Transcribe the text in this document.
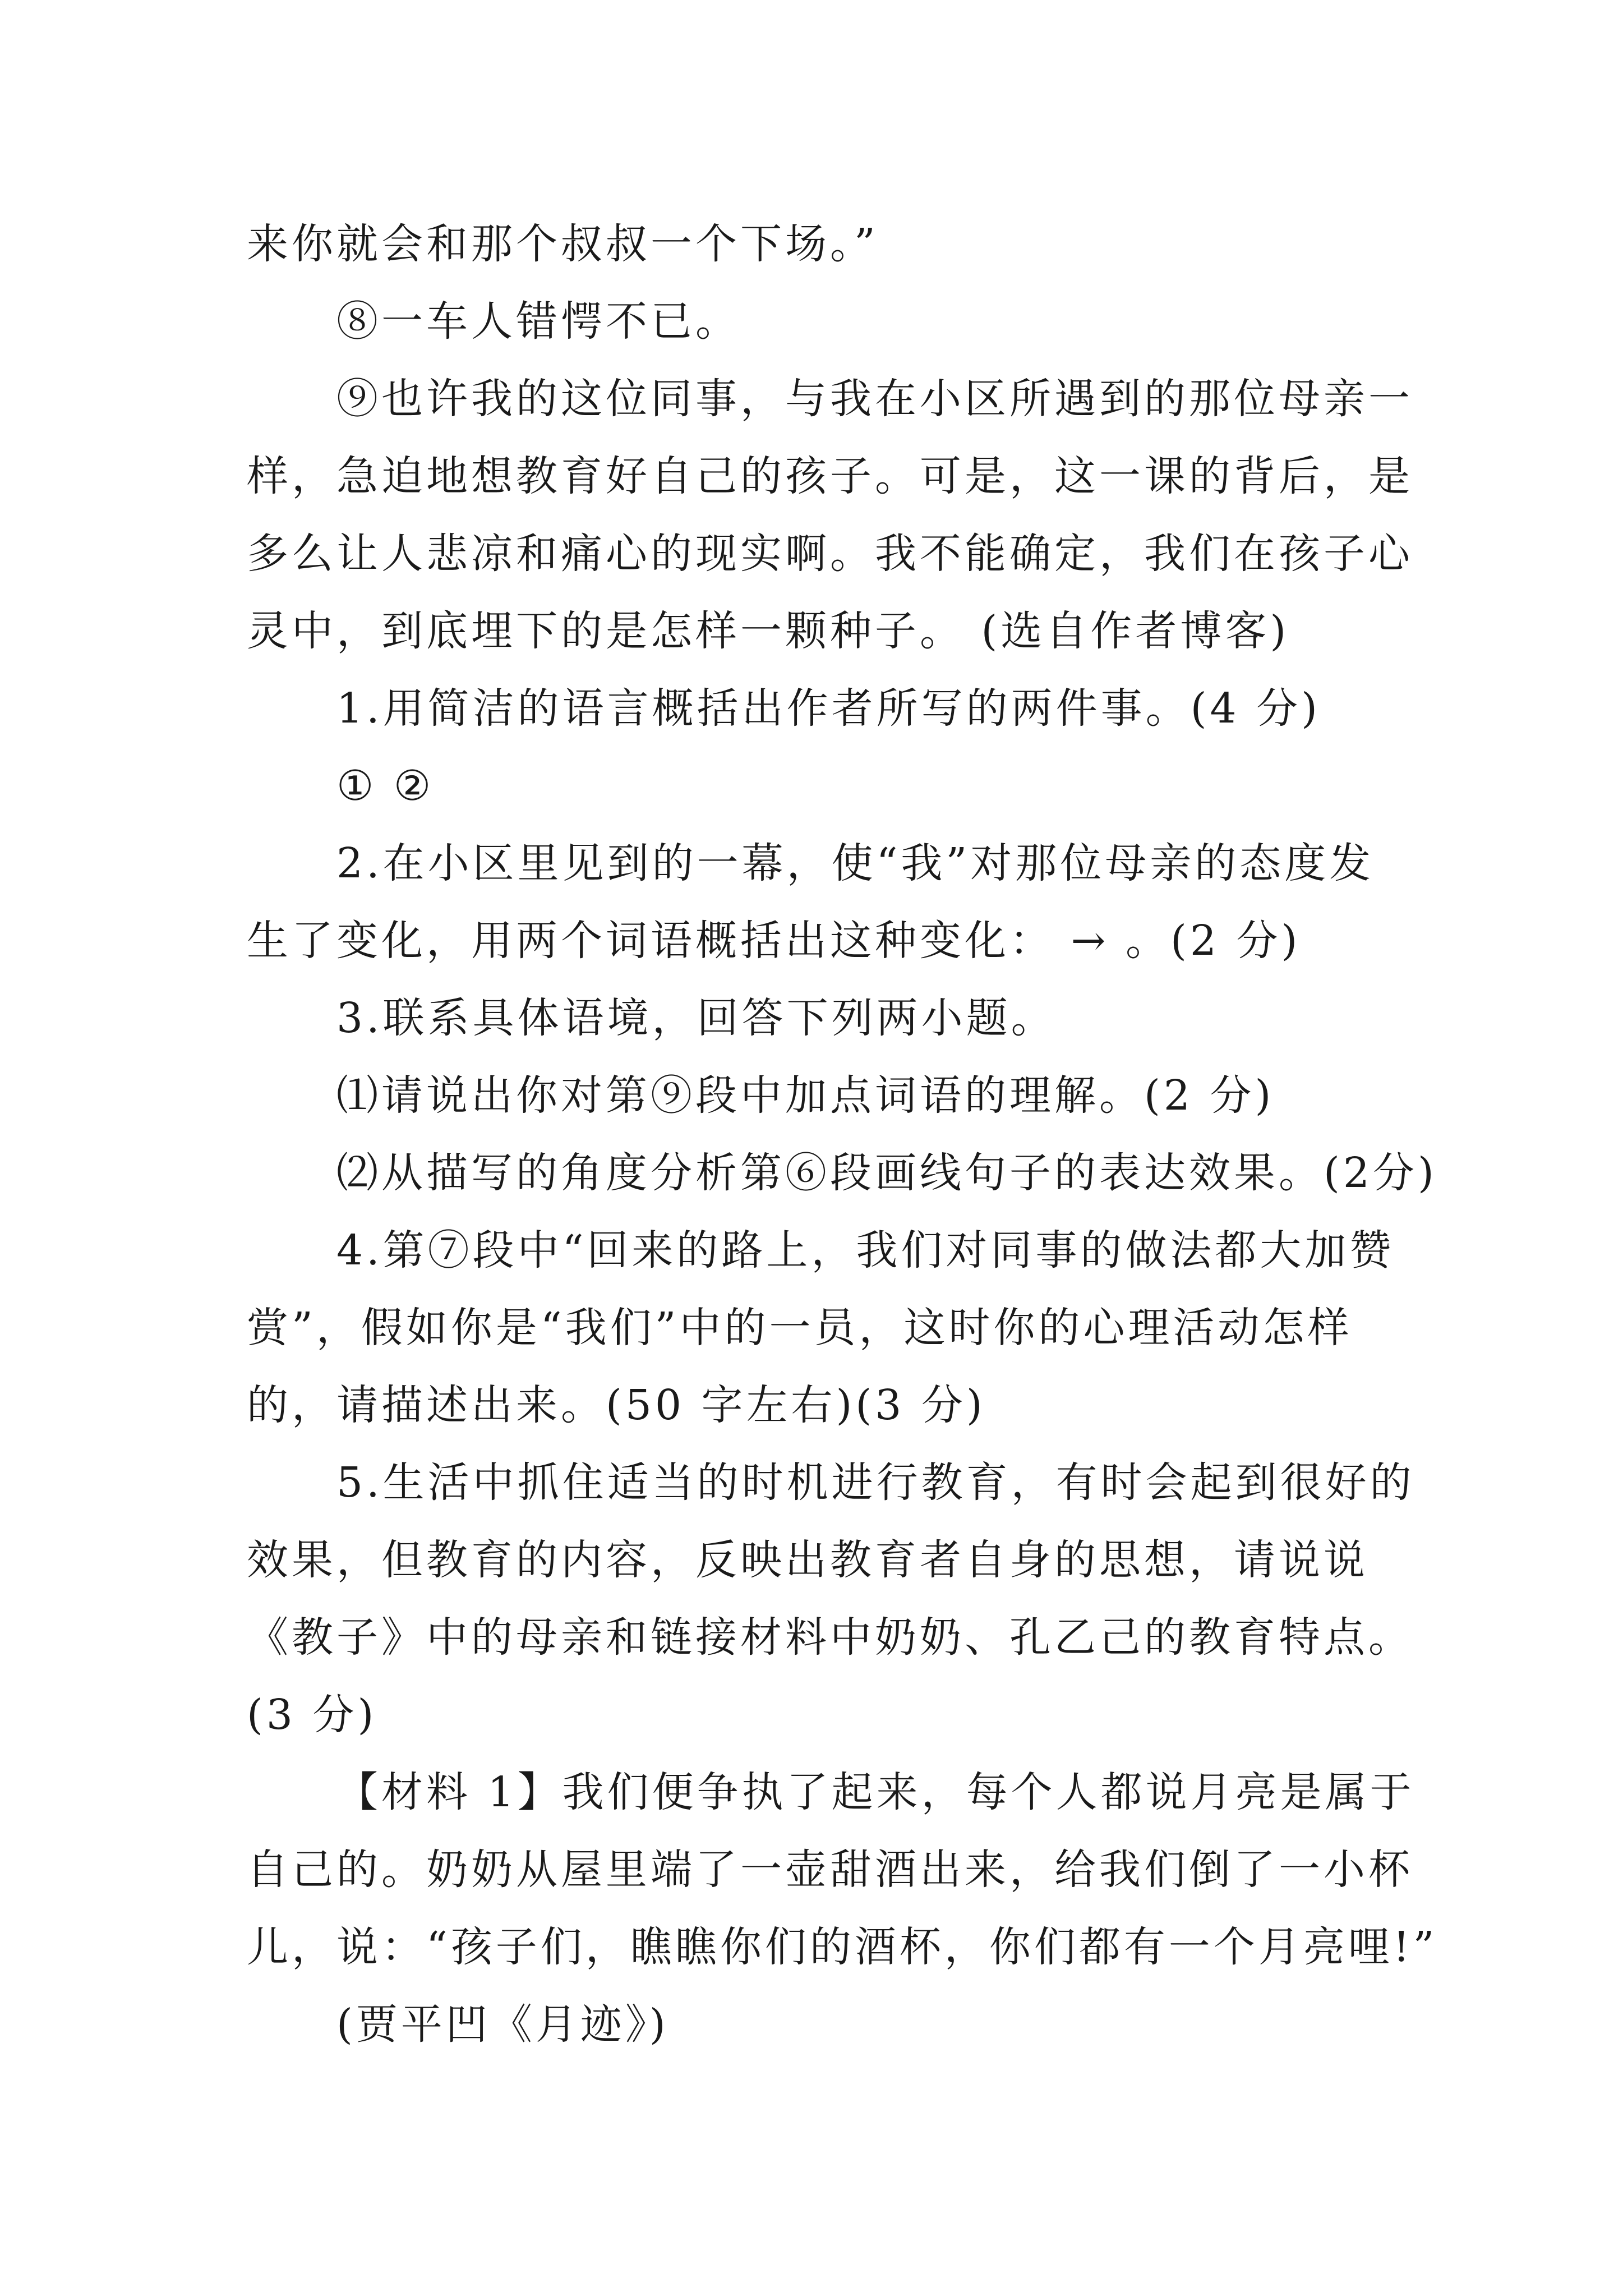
来你就会和那个叔叔一个下场。”
⑧一车人错愕不已。
⑨也许我的这位同事，与我在小区所遇到的那位母亲一
样，急迫地想教育好自己的孩子。可是，这一课的背后，是
多么让人悲凉和痛心的现实啊。我不能确定，我们在孩子心
灵中，到底埋下的是怎样一颗种子。 (选自作者博客)
1.用简洁的语言概括出作者所写的两件事。(4 分)
① ②
2.在小区里见到的一幕，使“我”对那位母亲的态度发
生了变化，用两个词语概括出这种变化： → 。(2 分)
3.联系具体语境，回答下列两小题。
⑴请说出你对第⑨段中加点词语的理解。(2 分)
⑵从描写的角度分析第⑥段画线句子的表达效果。(2分)
4.第⑦段中“回来的路上，我们对同事的做法都大加赞
赏”，假如你是“我们”中的一员，这时你的心理活动怎样
的，请描述出来。(50 字左右)(3 分)
5.生活中抓住适当的时机进行教育，有时会起到很好的
效果，但教育的内容，反映出教育者自身的思想，请说说
《教子》中的母亲和链接材料中奶奶、孔乙己的教育特点。
(3 分)
【材料 1】我们便争执了起来，每个人都说月亮是属于
自己的。奶奶从屋里端了一壶甜酒出来，给我们倒了一小杯
儿，说：“孩子们，瞧瞧你们的酒杯，你们都有一个月亮哩!”
(贾平凹《月迹》)
